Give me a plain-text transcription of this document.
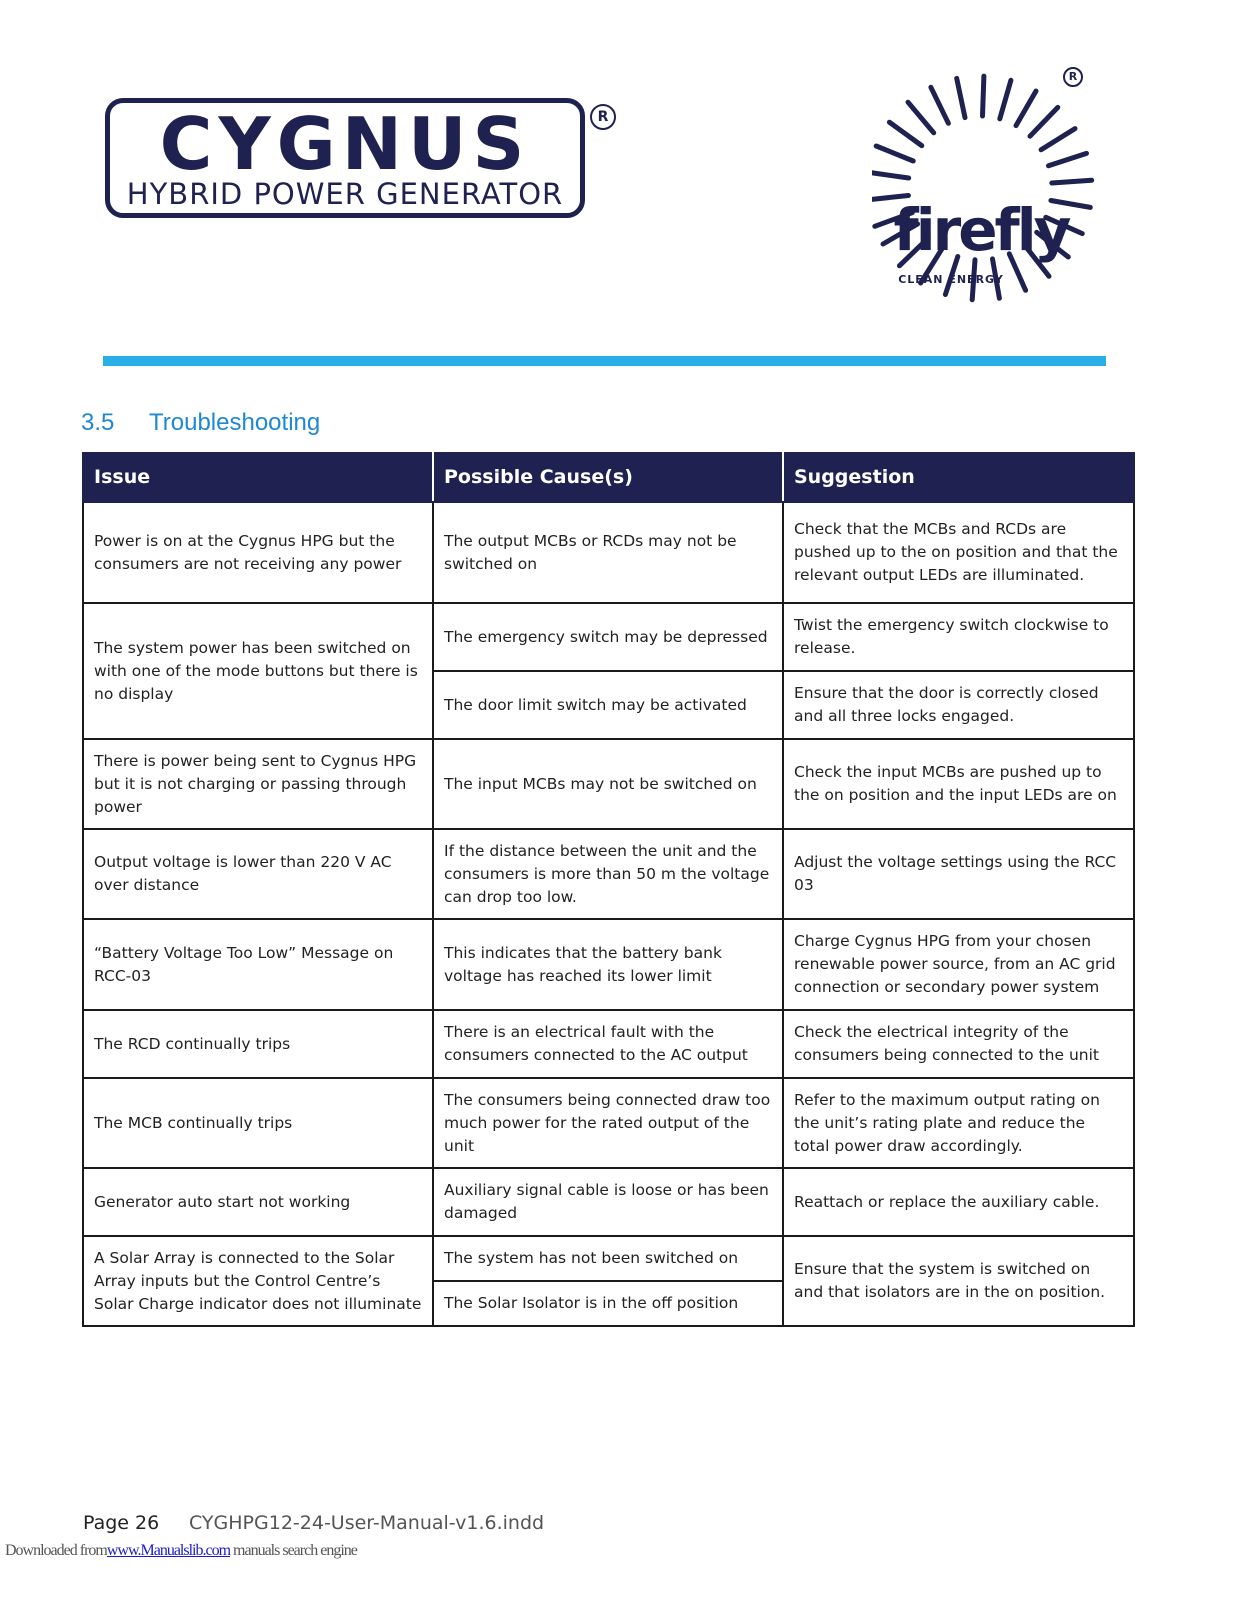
CYGNUS
HYBRID POWER GENERATOR
R
firefly
CLEAN ENERGY
R
3.5 Troubleshooting
Issue	Possible Cause(s)	Suggestion
Power is on at the Cygnus HPG but the consumers are not receiving any power	The output MCBs or RCDs may not be switched on	Check that the MCBs and RCDs are pushed up to the on position and that the relevant output LEDs are illuminated.
The system power has been switched on with one of the mode buttons but there is no display	The emergency switch may be depressed	Twist the emergency switch clockwise to release.
	The door limit switch may be activated	Ensure that the door is correctly closed and all three locks engaged.
There is power being sent to Cygnus HPG but it is not charging or passing through power	The input MCBs may not be switched on	Check the input MCBs are pushed up to the on position and the input LEDs are on
Output voltage is lower than 220 V AC over distance	If the distance between the unit and the consumers is more than 50 m the voltage can drop too low.	Adjust the voltage settings using the RCC 03
“Battery Voltage Too Low” Message on RCC-03	This indicates that the battery bank voltage has reached its lower limit	Charge Cygnus HPG from your chosen renewable power source, from an AC grid connection or secondary power system
The RCD continually trips	There is an electrical fault with the consumers connected to the AC output	Check the electrical integrity of the consumers being connected to the unit
The MCB continually trips	The consumers being connected draw too much power for the rated output of the unit	Refer to the maximum output rating on the unit’s rating plate and reduce the total power draw accordingly.
Generator auto start not working	Auxiliary signal cable is loose or has been damaged	Reattach or replace the auxiliary cable.
A Solar Array is connected to the Solar Array inputs but the Control Centre’s Solar Charge indicator does not illuminate	The system has not been switched on	Ensure that the system is switched on and that isolators are in the on position.
	The Solar Isolator is in the off position	
Page 26 CYGHPG12-24-User-Manual-v1.6.indd
Downloaded fromwww.Manualslib.com manuals search engine
